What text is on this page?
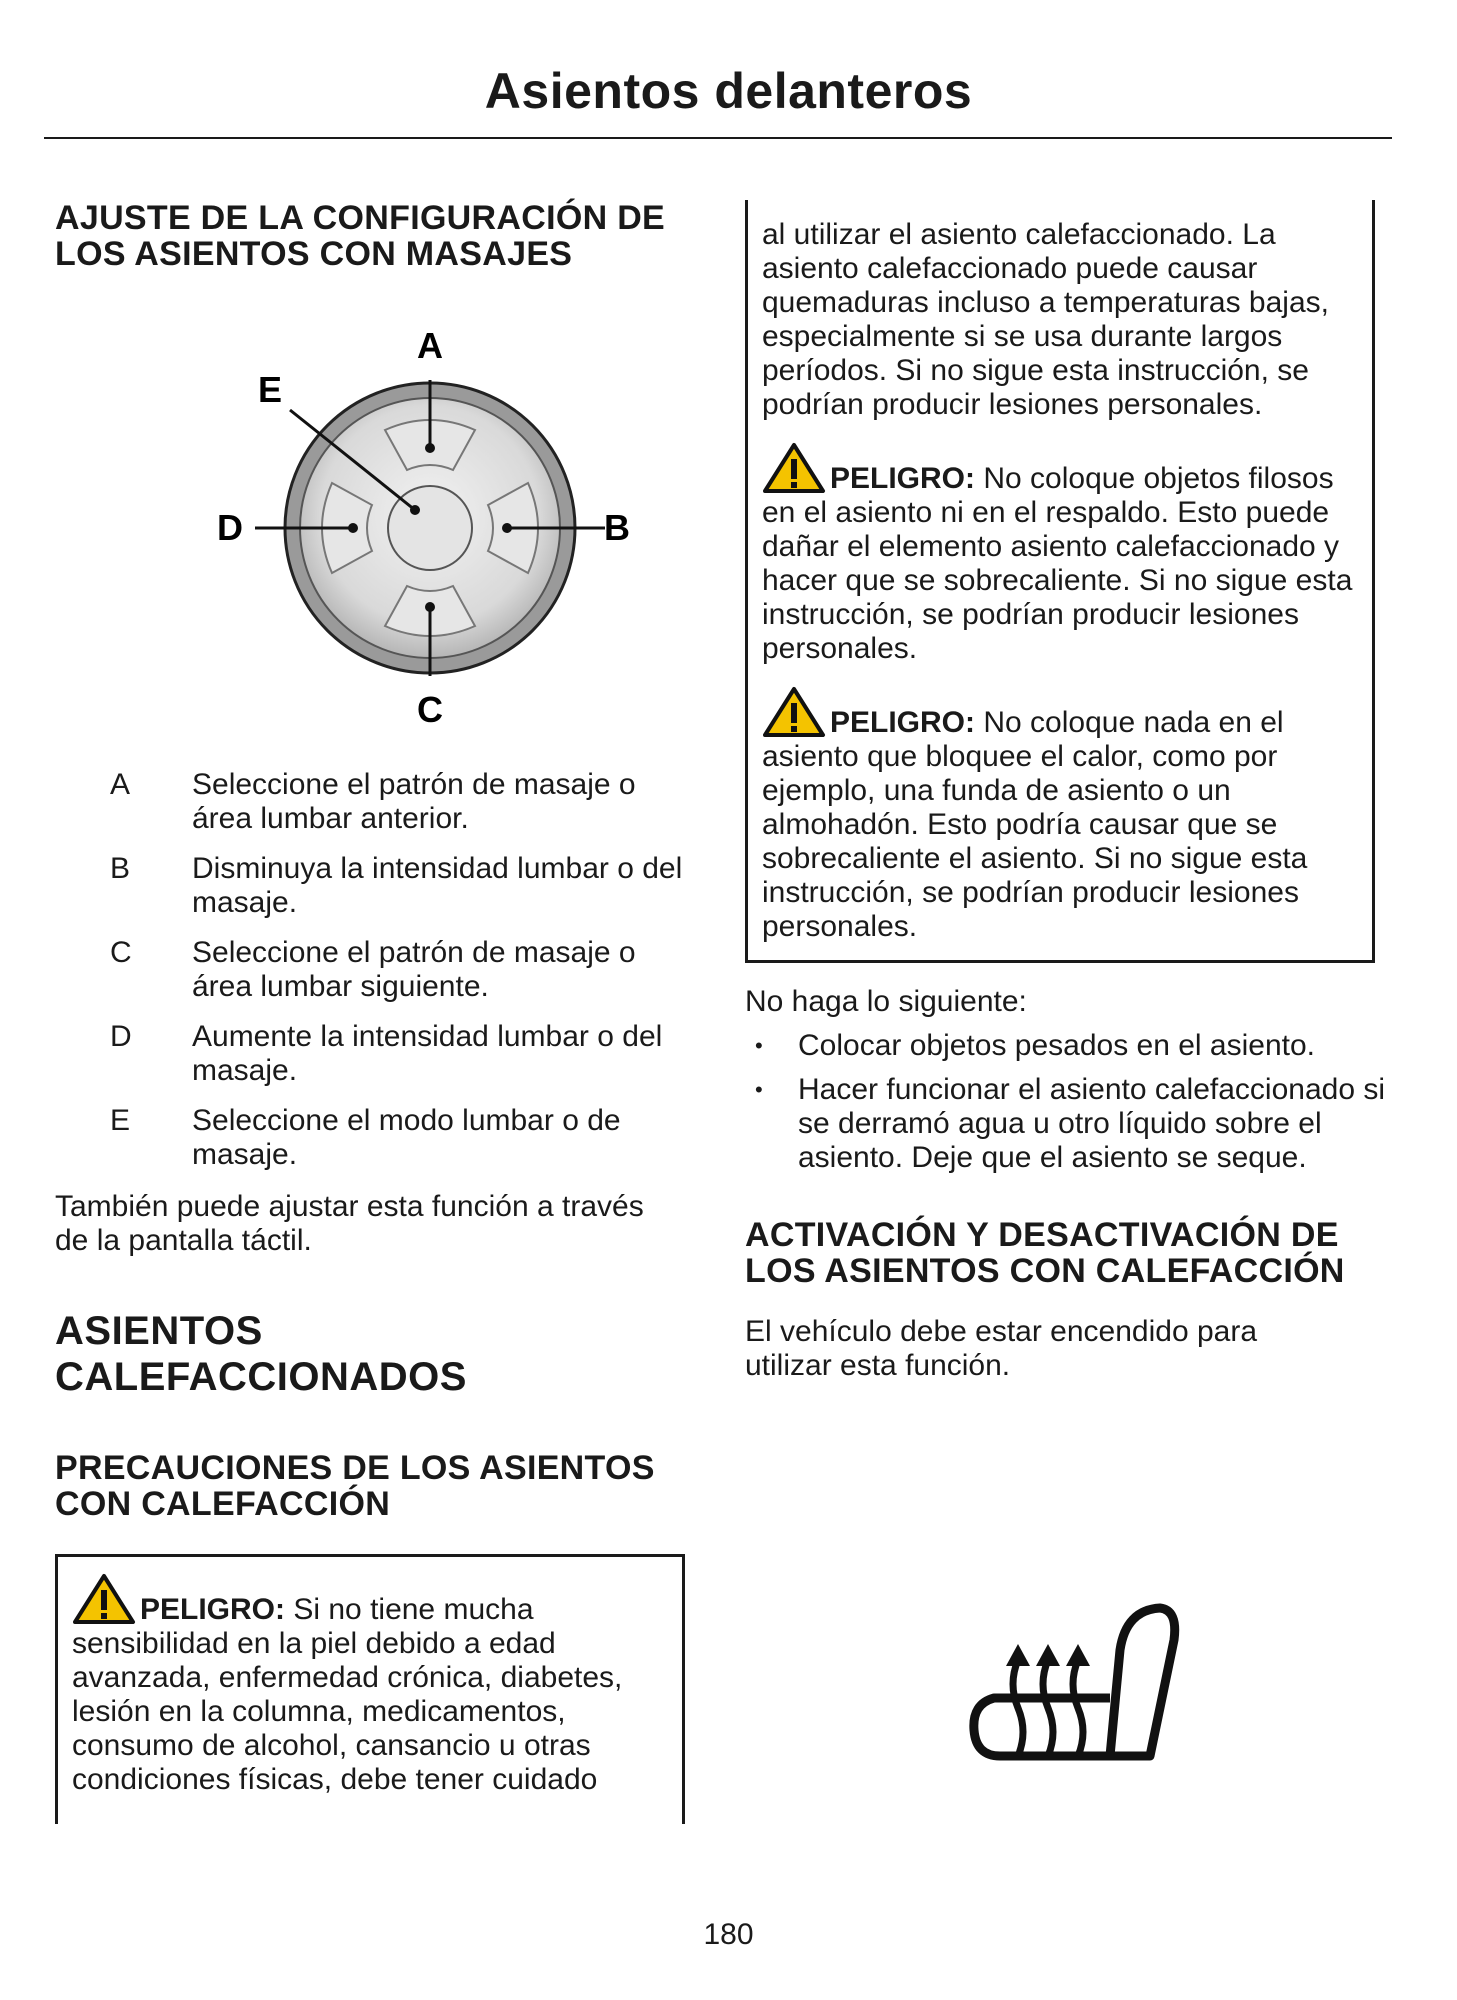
Asientos delanteros
AJUSTE DE LA CONFIGURACIÓN DE LOS ASIENTOS CON MASAJES
A
B
C
D
E
A	Seleccione el patrón de masaje o área lumbar anterior.
B	Disminuya la intensidad lumbar o del masaje.
C	Seleccione el patrón de masaje o área lumbar siguiente.
D	Aumente la intensidad lumbar o del masaje.
E	Seleccione el modo lumbar o de masaje.

También puede ajustar esta función a través de la pantalla táctil.

ASIENTOS CALEFACCIONADOS
PRECAUCIONES DE LOS ASIENTOS CON CALEFACCIÓN

PELIGRO: Si no tiene mucha sensibilidad en la piel debido a edad avanzada, enfermedad crónica, diabetes, lesión en la columna, medicamentos, consumo de alcohol, cansancio u otras condiciones físicas, debe tener cuidado

al utilizar el asiento calefaccionado. La asiento calefaccionado puede causar quemaduras incluso a temperaturas bajas, especialmente si se usa durante largos períodos. Si no sigue esta instrucción, se podrían producir lesiones personales.

PELIGRO: No coloque objetos filosos en el asiento ni en el respaldo. Esto puede dañar el elemento asiento calefaccionado y hacer que se sobrecaliente. Si no sigue esta instrucción, se podrían producir lesiones personales.

PELIGRO: No coloque nada en el asiento que bloquee el calor, como por ejemplo, una funda de asiento o un almohadón. Esto podría causar que se sobrecaliente el asiento. Si no sigue esta instrucción, se podrían producir lesiones personales.

No haga lo siguiente:

• Colocar objetos pesados en el asiento.
• Hacer funcionar el asiento calefaccionado si se derramó agua u otro líquido sobre el asiento. Deje que el asiento se seque.
ACTIVACIÓN Y DESACTIVACIÓN DE LOS ASIENTOS CON CALEFACCIÓN

El vehículo debe estar encendido para utilizar esta función.

180
